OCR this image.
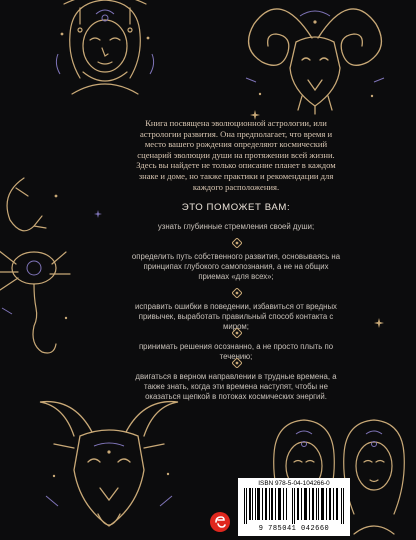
Книга посвящена эволюционной астрологии, или астрологии развития. Она предполагает, что время и место вашего рождения определяют космический сценарий эволюции души на протяжении всей жизни. Здесь вы найдете не только описание планет в каждом знаке и доме, но также практики и рекомендации для каждого расположения.

ЭТО ПОМОЖЕТ ВАМ:

узнать глубинные стремления своей души;

определить путь собственного развития, основываясь на принципах глубокого самопознания, а не на общих приемах «для всех»;

исправить ошибки в поведении, избавиться от вредных привычек, выработать правильный способ контакта с миром;

принимать решения осознанно, а не просто плыть по течению;

двигаться в верном направлении в трудные времена, а также знать, когда эти времена наступят, чтобы не оказаться щепкой в потоках космических энергий.

ISBN 978-5-04-104266-0
9 785041 042660
